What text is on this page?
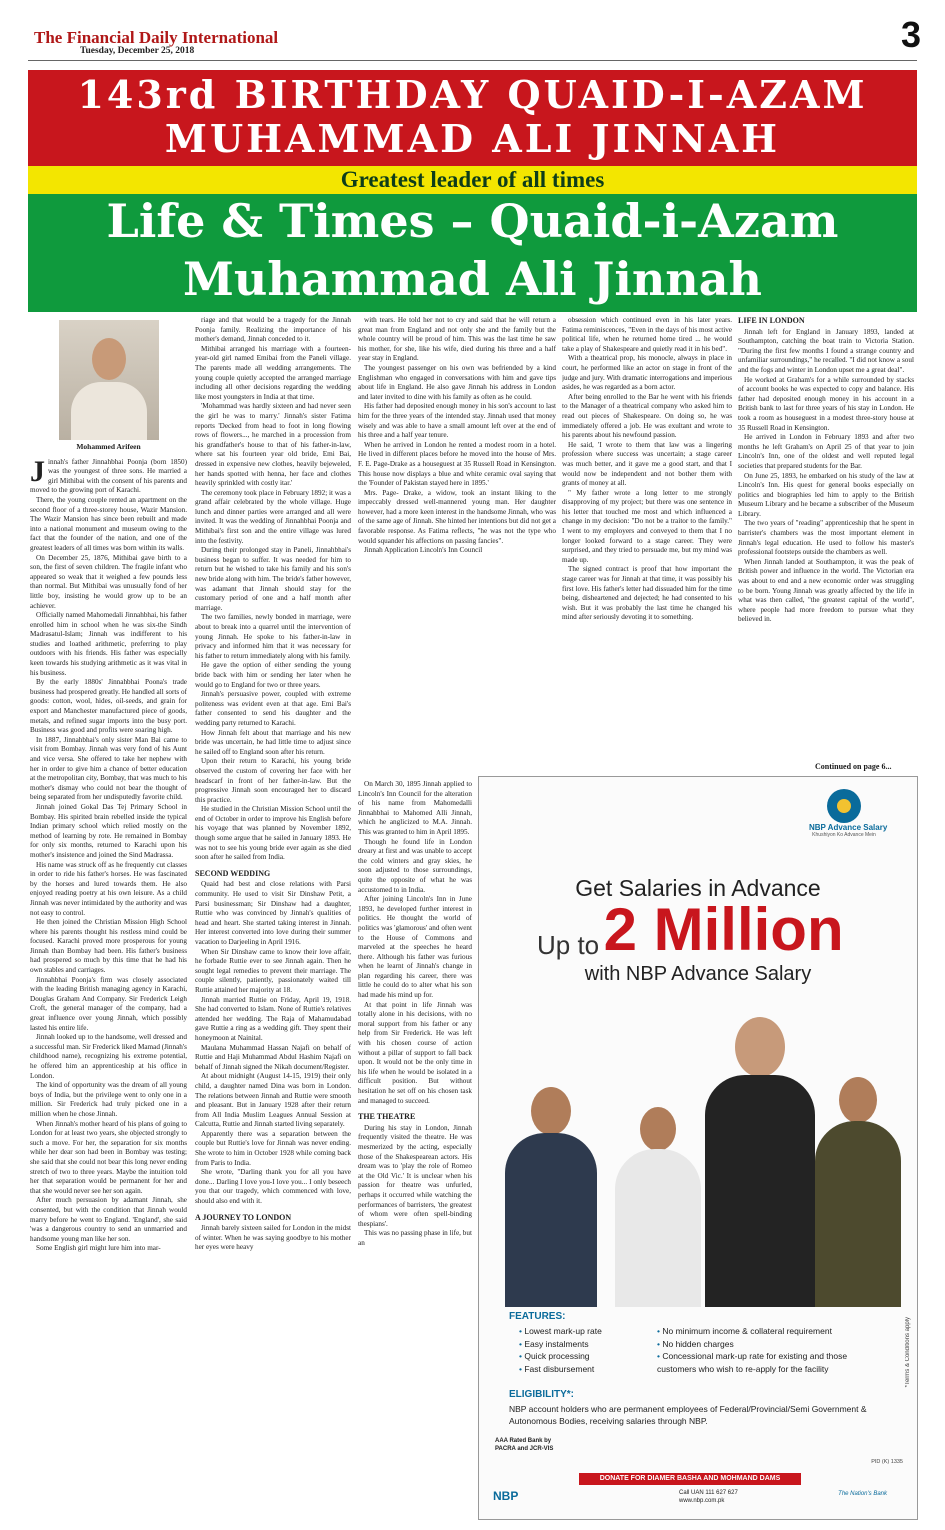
The Financial Daily International
Tuesday, December 25, 2018	3
143rd BIRTHDAY QUAID-I-AZAM
MUHAMMAD ALI JINNAH
Greatest leader of all times
Life & Times – Quaid-i-Azam
Muhammad Ali Jinnah
Mohammed Arifeen

Jinnah's father Jinnahbhai Poonja (born 1850) was the youngest of three sons. He married a girl Mithibai with the consent of his parents and moved to the growing port of Karachi.

There, the young couple rented an apartment on the second floor of a three-storey house, Wazir Mansion. The Wazir Mansion has since been rebuilt and made into a national monument and museum owing to the fact that the founder of the nation, and one of the greatest leaders of all times was born within its walls.

On December 25, 1876, Mithibai gave birth to a son, the first of seven children. The fragile infant who appeared so weak that it weighed a few pounds less than normal. But Mithibai was unusually fond of her little boy, insisting he would grow up to be an achiever.

Officially named Mahomedali Jinnahbhai, his father enrolled him in school when he was six-the Sindh Madrasatul-Islam; Jinnah was indifferent to his studies and loathed arithmetic, preferring to play outdoors with his friends. His father was especially keen towards his studying arithmetic as it was vital in his business.

By the early 1880s' Jinnahbhai Poona's trade business had prospered greatly. He handled all sorts of goods: cotton, wool, hides, oil-seeds, and grain for export and Manchester manufactured piece of goods, metals, and refined sugar imports into the busy port. Business was good and profits were soaring high.

In 1887, Jinnahbhai's only sister Man Bai came to visit from Bombay. Jinnah was very fond of his Aunt and vice versa. She offered to take her nephew with her in order to give him a chance of better education at the metropolitan city, Bombay, that was much to his mother's dismay who could not bear the thought of being separated from her undisputedly favorite child.

Jinnah joined Gokal Das Tej Primary School in Bombay. His spirited brain rebelled inside the typical Indian primary school which relied mostly on the method of learning by rote. He remained in Bombay for only six months, returned to Karachi upon his mother's insistence and joined the Sind Madrassa.

His name was struck off as he frequently cut classes in order to ride his father's horses. He was fascinated by the horses and lured towards them. He also enjoyed reading poetry at his own leisure. As a child Jinnah was never intimidated by the authority and was not easy to control.

He then joined the Christian Mission High School where his parents thought his restless mind could be focused. Karachi proved more prosperous for young Jinnah than Bombay had been. His father's business had prospered so much by this time that he had his own stables and carriages.

Jinnahbhai Poonja's firm was closely associated with the leading British managing agency in Karachi, Douglas Graham And Company. Sir Frederick Leigh Croft, the general manager of the company, had a great influence over young Jinnah, which possibly lasted his entire life.

Jinnah looked up to the handsome, well dressed and a successful man. Sir Frederick liked Mamad (Jinnah's childhood name), recognizing his extreme potential, he offered him an apprenticeship at his office in London.

The kind of opportunity was the dream of all young boys of India, but the privilege went to only one in a million. Sir Frederick had truly picked one in a million when he chose Jinnah.

When Jinnah's mother heard of his plans of going to London for at least two years, she objected strongly to such a move. For her, the separation for six months while her dear son had been in Bombay was testing; she said that she could not bear this long never ending stretch of two to three years. Maybe the intuition told her that separation would be permanent for her and that she would never see her son again.

After much persuasion by adamant Jinnah, she consented, but with the condition that Jinnah would marry before he went to England. 'England', she said 'was a dangerous country to send an unmarried and handsome young man like her son.

Some English girl might lure him into mar-

riage and that would be a tragedy for the Jinnah Poonja family. Realizing the importance of his mother's demand, Jinnah conceded to it.

Mithibai arranged his marriage with a fourteen-year-old girl named Emibai from the Paneli village. The parents made all wedding arrangements. The young couple quietly accepted the arranged marriage including all other decisions regarding the wedding like most youngsters in India at that time.

'Mohammad was hardly sixteen and had never seen the girl he was to marry.' Jinnah's sister Fatima reports 'Decked from head to foot in long flowing rows of flowers..., he marched in a procession from his grandfather's house to that of his father-in-law, where sat his fourteen year old bride, Emi Bai, dressed in expensive new clothes, heavily bejeweled, her hands spotted with henna, her face and clothes heavily sprinkled with costly itar.'

The ceremony took place in February 1892; it was a grand affair celebrated by the whole village. Huge lunch and dinner parties were arranged and all were invited. It was the wedding of Jinnahbhai Poonja and Mithibai's first son and the entire village was lured into the festivity.

During their prolonged stay in Paneli, Jinnahbhai's business began to suffer. It was needed for him to return but he wished to take his family and his son's new bride along with him. The bride's father however, was adamant that Jinnah should stay for the customary period of one and a half month after marriage.

The two families, newly bonded in marriage, were about to break into a quarrel until the intervention of young Jinnah. He spoke to his father-in-law in privacy and informed him that it was necessary for his father to return immediately along with his family.

He gave the option of either sending the young bride back with him or sending her later when he would go to England for two or three years.

Jinnah's persuasive power, coupled with extreme politeness was evident even at that age. Emi Bai's father consented to send his daughter and the wedding party returned to Karachi.

How Jinnah felt about that marriage and his new bride was uncertain, he had little time to adjust since he sailed off to England soon after his return.

Upon their return to Karachi, his young bride observed the custom of covering her face with her headscarf in front of her father-in-law. But the progressive Jinnah soon encouraged her to discard this practice.

He studied in the Christian Mission School until the end of October in order to improve his English before his voyage that was planned by November 1892, though some argue that he sailed in January 1893. He was not to see his young bride ever again as she died soon after he sailed from India.

SECOND WEDDING

Quaid had best and close relations with Parsi community. He used to visit Sir Dinshaw Petit, a Parsi businessman; Sir Dinshaw had a daughter, Ruttie who was convinced by Jinnah's qualities of head and heart. She started taking interest in Jinnah. Her interest converted into love during their summer vacation to Darjeeling in April 1916.

When Sir Dinshaw came to know their love affair, he forbade Ruttie ever to see Jinnah again. Then he sought legal remedies to prevent their marriage. The couple silently, patiently, passionately waited till Ruttie attained her majority at 18.

Jinnah married Ruttie on Friday, April 19, 1918. She had converted to Islam. None of Ruttie's relatives attended her wedding. The Raja of Mahamudabad gave Ruttie a ring as a wedding gift. They spent their honeymoon at Nainital.

Maulana Muhammad Hassan Najafi on behalf of Ruttie and Haji Muhammad Abdul Hashim Najafi on behalf of Jinnah signed the Nikah document/Register.

At about midnight (August 14-15, 1919) their only child, a daughter named Dina was born in London. The relations between Jinnah and Ruttie were smooth and pleasant. But in January 1928 after their return from All India Muslim Leagues Annual Session at Calcutta, Ruttie and Jinnah started living separately.

Apparently there was a separation between the couple but Ruttie's love for Jinnah was never ending. She wrote to him in October 1928 while coming back from Paris to India.

She wrote, "Darling thank you for all you have done... Darling I love you-I love you... I only beseech you that our tragedy, which commenced with love, should also end with it.

A JOURNEY TO LONDON

Jinnah barely sixteen sailed for London in the midst of winter. When he was saying goodbye to his mother her eyes were heavy

with tears. He told her not to cry and said that he will return a great man from England and not only she and the family but the whole country will be proud of him. This was the last time he saw his mother, for she, like his wife, died during his three and a half year stay in England.

The youngest passenger on his own was befriended by a kind Englishman who engaged in conversations with him and gave tips about life in England. He also gave Jinnah his address in London and later invited to dine with his family as often as he could.

His father had deposited enough money in his son's account to last him for the three years of the intended stay. Jinnah used that money wisely and was able to have a small amount left over at the end of his three and a half year tenure.

When he arrived in London he rented a modest room in a hotel. He lived in different places before he moved into the house of Mrs. F. E. Page-Drake as a houseguest at 35 Russell Road in Kensington. This house now displays a blue and white ceramic oval saying that the 'Founder of Pakistan stayed here in 1895.'

Mrs. Page- Drake, a widow, took an instant liking to the impeccably dressed well-mannered young man. Her daughter however, had a more keen interest in the handsome Jinnah, who was of the same age of Jinnah. She hinted her intentions but did not get a favorable response. As Fatima reflects, "he was not the type who would squander his affections on passing fancies".

Jinnah Application Lincoln's Inn Council

On March 30, 1895 Jinnah applied to Lincoln's Inn Council for the alteration of his name from Mahomedalli Jinnahbhai to Mahomed Alli Jinnah, which he anglicized to M.A. Jinnah. This was granted to him in April 1895.

Though he found life in London dreary at first and was unable to accept the cold winters and gray skies, he soon adjusted to those surroundings, quite the opposite of what he was accustomed to in India.

After joining Lincoln's Inn in June 1893, he developed further interest in politics. He thought the world of politics was 'glamorous' and often went to the House of Commons and marveled at the speeches he heard there. Although his father was furious when he learnt of Jinnah's change in plan regarding his career, there was little he could do to alter what his son had made his mind up for.

At that point in life Jinnah was totally alone in his decisions, with no moral support from his father or any help from Sir Frederick. He was left with his chosen course of action without a pillar of support to fall back upon. It would not be the only time in his life when he would be isolated in a difficult position. But without hesitation he set off on his chosen task and managed to succeed.

THE THEATRE

During his stay in London, Jinnah frequently visited the theatre. He was mesmerized by the acting, especially those of the Shakespearean actors. His dream was to 'play the role of Romeo at the Old Vic.' It is unclear when his passion for theatre was unfurled, perhaps it occurred while watching the performances of barristers, 'the greatest of whom were often spell-binding thespians'.

This was no passing phase in life, but an

obsession which continued even in his later years. Fatima reminiscences, "Even in the days of his most active political life, when he returned home tired ... he would take a play of Shakespeare and quietly read it in his bed".

With a theatrical prop, his monocle, always in place in court, he performed like an actor on stage in front of the judge and jury. With dramatic interrogations and imperious asides, he was regarded as a born actor.

After being enrolled to the Bar he went with his friends to the Manager of a theatrical company who asked him to read out pieces of Shakespeare. On doing so, he was immediately offered a job. He was exultant and wrote to his parents about his newfound passion.

He said, 'I wrote to them that law was a lingering profession where success was uncertain; a stage career was much better, and it gave me a good start, and that I would now be independent and not bother them with grants of money at all.

" My father wrote a long letter to me strongly disapproving of my project; but there was one sentence in his letter that touched me most and which influenced a change in my decision: "Do not be a traitor to the family." I went to my employers and conveyed to them that I no longer looked forward to a stage career. They were surprised, and they tried to persuade me, but my mind was made up.

The signed contract is proof that how important the stage career was for Jinnah at that time, it was possibly his first love. His father's letter had dissuaded him for the time being, disheartened and dejected; he had consented to his wish. But it was probably the last time he changed his mind after seriously devoting it to something.

LIFE IN LONDON

Jinnah left for England in January 1893, landed at Southampton, catching the boat train to Victoria Station. "During the first few months I found a strange country and unfamiliar surroundings," he recalled. "I did not know a soul and the fogs and winter in London upset me a great deal".

He worked at Graham's for a while surrounded by stacks of account books he was expected to copy and balance. His father had deposited enough money in his account in a British bank to last for three years of his stay in London. He took a room as houseguest in a modest three-story house at 35 Russell Road in Kensington.

He arrived in London in February 1893 and after two months he left Graham's on April 25 of that year to join Lincoln's Inn, one of the oldest and well reputed legal societies that prepared students for the Bar.

On June 25, 1893, he embarked on his study of the law at Lincoln's Inn. His quest for general books especially on politics and biographies led him to apply to the British Museum Library and he became a subscriber of the Museum Library.

The two years of "reading" apprenticeship that he spent in barrister's chambers was the most important element in Jinnah's legal education. He used to follow his master's professional footsteps outside the chambers as well.

When Jinnah landed at Southampton, it was the peak of British power and influence in the world. The Victorian era was about to end and a new economic order was struggling to be born. Young Jinnah was greatly affected by the life in what was then called, "the greatest capital of the world", where people had more freedom to pursue what they believed in.

Continued on page 6...
NBP Advance Salary
Khushiyon Ko Advance Mein
Get Salaries in Advance
Up to 2 Million
with NBP Advance Salary
FEATURES:
• Lowest mark-up rate
• Easy instalments
• Quick processing
• Fast disbursement
• No minimum income & collateral requirement
• No hidden charges
• Concessional mark-up rate for existing and those customers who wish to re-apply for the facility
ELIGIBILITY*:
NBP account holders who are permanent employees of Federal/Provincial/Semi Government & Autonomous Bodies, receiving salaries through NBP.
*Terms & Conditions apply
AAA Rated Bank by PACRA and JCR-VIS
PID (K) 1335
DONATE FOR DIAMER BASHA AND MOHMAND DAMS
NBP	Call UAN 111 627 627
www.nbp.com.pk
The Nation's Bank
